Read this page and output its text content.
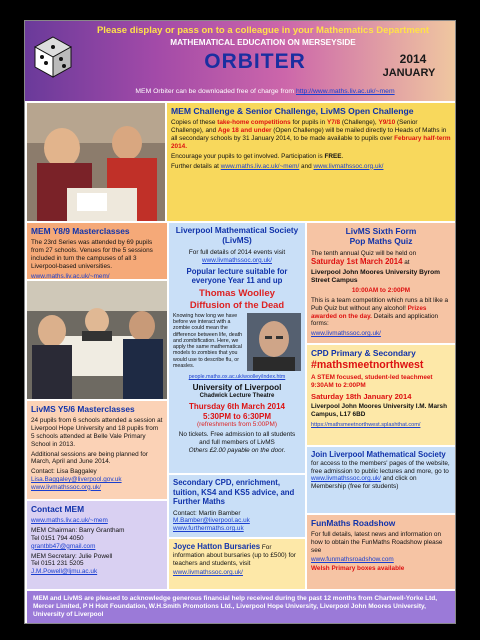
Please display or pass on to a colleague in your Mathematics Department
MATHEMATICAL EDUCATION ON MERSEYSIDE
ORBITER	2014
JANUARY
MEM Orbiter can be downloaded free of charge from http://www.maths.liv.ac.uk/~mem
MEM Challenge & Senior Challenge, LivMS Open Challenge

Copies of these take-home competitions for pupils in Y7/8 (Challenge), Y9/10 (Senior Challenge), and Age 18 and under (Open Challenge) will be mailed directly to Heads of Maths in all secondary schools by 31 January 2014, to be made available to pupils over February half-term 2014.

Encourage your pupils to get involved. Participation is FREE.

Further details at www.maths.liv.ac.uk/~mem/ and www.livmathssoc.org.uk/

MEM Y8/9 Masterclasses

The 23rd Series was attended by 69 pupils from 27 schools. Venues for the 5 sessions included in turn the campuses of all 3 Liverpool-based universities.

www.maths.liv.ac.uk/~mem/

LivMS Y5/6 Masterclasses

24 pupils from 6 schools attended a session at Liverpool Hope University and 18 pupils from 5 schools attended at Belle Vale Primary School in 2013.

Additional sessions are being planned for March, April and June 2014.

Contact: Lisa Baggaley

Lisa.Baggaley@liverpool.gov.uk

www.livmathssoc.org.uk/

Contact MEM

www.maths.liv.ac.uk/~mem

MEM Chairman: Barry Grantham

Tel 0151 794 4050

grantbb47@gmail.com

MEM Secretary: Julie Powell

Tel 0151 231 5205

J.M.Powell@ljmu.ac.uk

Liverpool Mathematical Society (LivMS)

For full details of 2014 events visit

www.livmathssoc.org.uk/

Popular lecture suitable for everyone Year 11 and up

Thomas Woolley
Diffusion of the Dead

Knowing how long we have before we interact with a zombie could mean the difference between life, death and zombification. Here, we apply the same mathematical models to zombies that you would use to describe flu, or measles.

people.maths.ox.ac.uk/woolley/index.htm

University of Liverpool
Chadwick Lecture Theatre
Thursday 6th March 2014
5:30PM to 6:30PM

(refreshments from 5:00PM)

No tickets. Free admission to all students and full members of LivMS

Others £2.00 payable on the door.

Secondary CPD, enrichment, tuition, KS4 and KS5 advice, and Further Maths

Contact: Martin Bamber

M.Bamber@liverpool.ac.uk

www.furthermaths.org.uk

Joyce Hatton Bursaries For information about bursaries (up to £500) for teachers and students, visit

www.livmathssoc.org.uk/

LivMS Sixth Form
Pop Maths Quiz

The tenth annual Quiz will be held on

Saturday 1st March 2014 at

Liverpool John Moores University Byrom Street Campus

10:00AM to 2:00PM

This is a team competition which runs a bit like a Pub Quiz but without any alcohol! Prizes awarded on the day. Details and application forms:

www.livmathssoc.org.uk/

CPD Primary & Secondary
#mathsmeetnorthwest

A STEM focused, student-led teachmeet 9:30AM to 2:00PM

Saturday 18th January 2014

Liverpool John Moores University I.M. Marsh Campus, L17 6BD

https://mathsmeetnorthwest.splashthat.com/

Join Liverpool Mathematical Society for access to the members' pages of the website, free admission to public lectures and more, go to www.livmathssoc.org.uk/ and click on Membership (free for students)

FunMaths Roadshow

For full details, latest news and information on how to obtain the FunMaths Roadshow please see

www.funmathsroadshow.com

Welsh Primary boxes available

MEM and LivMS are pleased to acknowledge generous financial help received during the past 12 months from Chartwell-Yorke Ltd, Mercer Limited, P H Holt Foundation, W.H.Smith Promotions Ltd., Liverpool Hope University, Liverpool John Moores University, University of Liverpool
